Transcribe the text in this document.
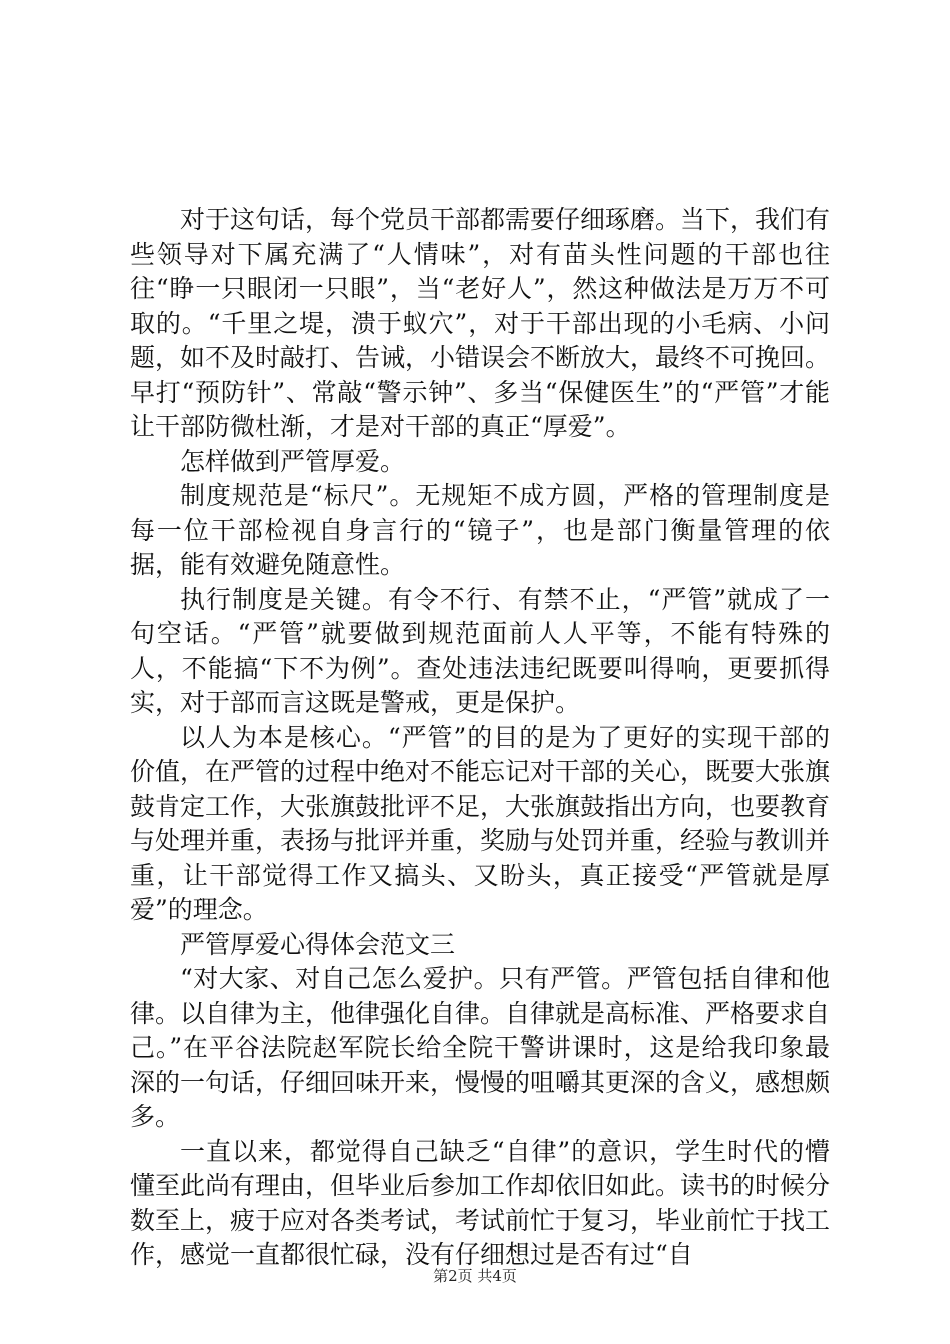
对于这句话，每个党员干部都需要仔细琢磨。当下，我们有些领导对下属充满了“人情味”，对有苗头性问题的干部也往往“睁一只眼闭一只眼”，当“老好人”，然这种做法是万万不可取的。“千里之堤，溃于蚁穴”，对于干部出现的小毛病、小问题，如不及时敲打、告诫，小错误会不断放大，最终不可挽回。早打“预防针”、常敲“警示钟”、多当“保健医生”的“严管”才能让干部防微杜渐，才是对干部的真正“厚爱”。

怎样做到严管厚爱。

制度规范是“标尺”。无规矩不成方圆，严格的管理制度是每一位干部检视自身言行的“镜子”，也是部门衡量管理的依据，能有效避免随意性。

执行制度是关键。有令不行、有禁不止，“严管”就成了一句空话。“严管”就要做到规范面前人人平等，不能有特殊的人，不能搞“下不为例”。查处违法违纪既要叫得响，更要抓得实，对于部而言这既是警戒，更是保护。

以人为本是核心。“严管”的目的是为了更好的实现干部的价值，在严管的过程中绝对不能忘记对干部的关心，既要大张旗鼓肯定工作，大张旗鼓批评不足，大张旗鼓指出方向，也要教育与处理并重，表扬与批评并重，奖励与处罚并重，经验与教训并重，让干部觉得工作又搞头、又盼头，真正接受“严管就是厚爱”的理念。

严管厚爱心得体会范文三

“对大家、对自己怎么爱护。只有严管。严管包括自律和他律。以自律为主，他律强化自律。自律就是高标准、严格要求自己。”在平谷法院赵军院长给全院干警讲课时，这是给我印象最深的一句话，仔细回味开来，慢慢的咀嚼其更深的含义，感想颇多。

一直以来，都觉得自己缺乏“自律”的意识，学生时代的懵懂至此尚有理由，但毕业后参加工作却依旧如此。读书的时候分数至上，疲于应对各类考试，考试前忙于复习，毕业前忙于找工作，感觉一直都很忙碌，没有仔细想过是否有过“自

第2页 共4页
